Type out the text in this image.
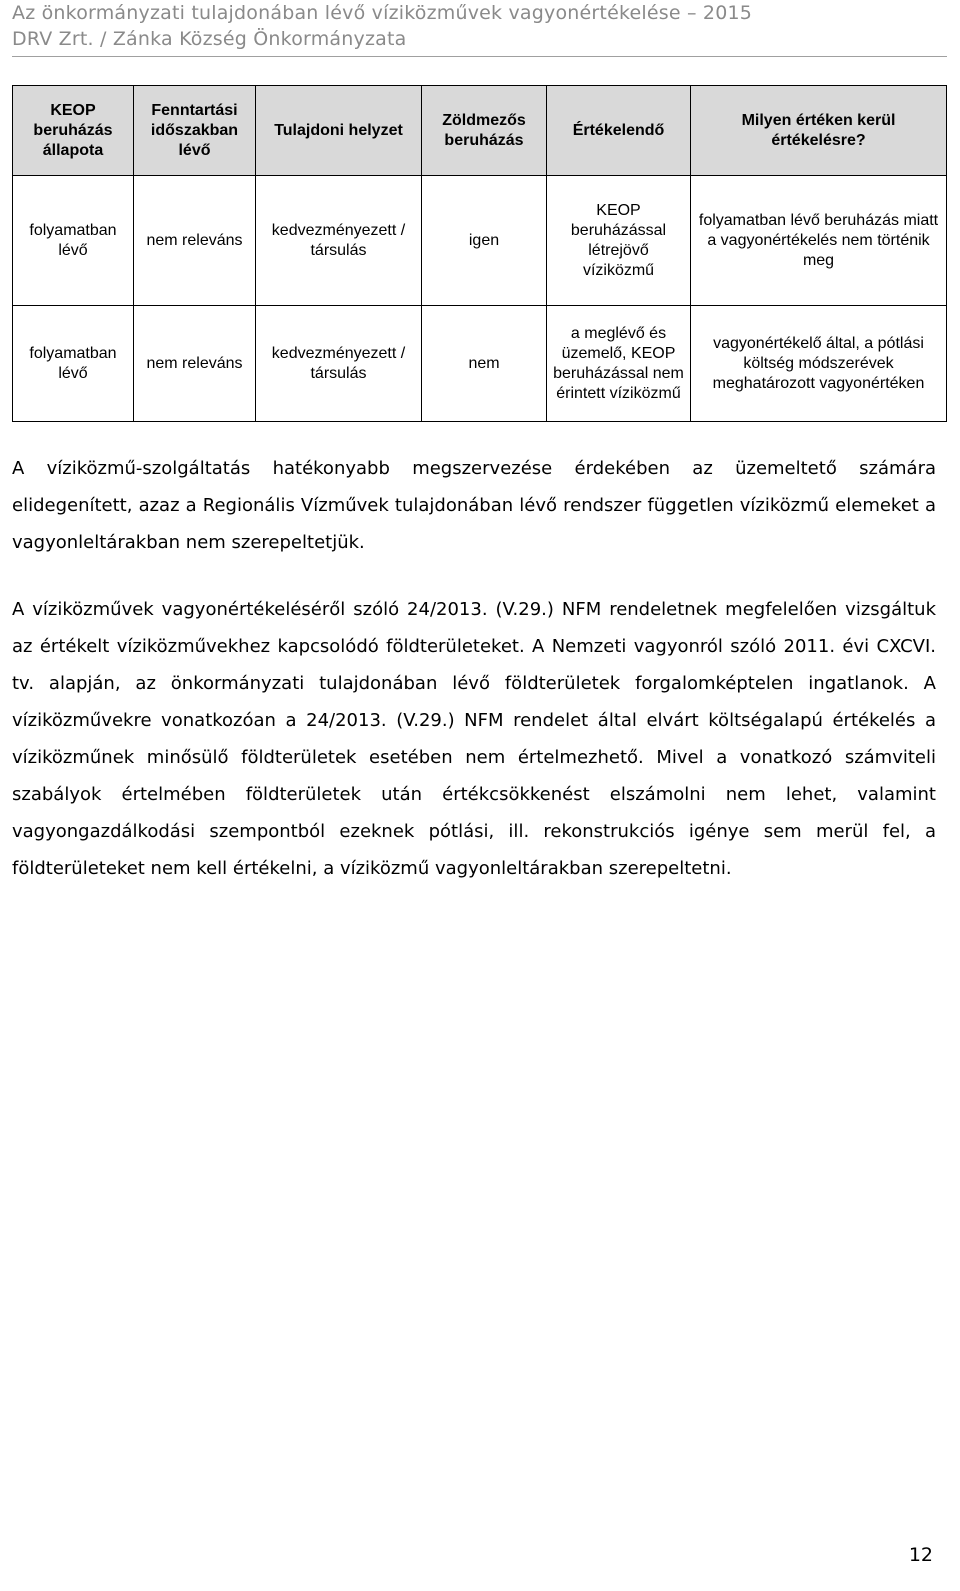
Az önkormányzati tulajdonában lévő víziközművek vagyonértékelése – 2015
DRV Zrt. / Zánka Község Önkormányzata
KEOP beruházás állapota	Fenntartási időszakban lévő	Tulajdoni helyzet	Zöldmezős beruházás	Értékelendő	Milyen értéken kerül értékelésre?
folyamatban lévő	nem releváns	kedvezményezett / társulás	igen	KEOP beruházással létrejövő víziközmű	folyamatban lévő beruházás miatt a vagyonértékelés nem történik meg
folyamatban lévő	nem releváns	kedvezményezett / társulás	nem	a meglévő és üzemelő, KEOP beruházással nem érintett víziközmű	vagyonértékelő által, a pótlási költség módszerévek meghatározott vagyonértéken

A víziközmű-szolgáltatás hatékonyabb megszervezése érdekében az üzemeltető számára elidegenített, azaz a Regionális Vízművek tulajdonában lévő rendszer független víziközmű elemeket a vagyonleltárakban nem szerepeltetjük.

A víziközművek vagyonértékeléséről szóló 24/2013. (V.29.) NFM rendeletnek megfelelően vizsgáltuk az értékelt víziközművekhez kapcsolódó földterületeket. A Nemzeti vagyonról szóló 2011. évi CXCVI. tv. alapján, az önkormányzati tulajdonában lévő földterületek forgalomképtelen ingatlanok. A víziközművekre vonatkozóan a 24/2013. (V.29.) NFM rendelet által elvárt költségalapú értékelés a víziközműnek minősülő földterületek esetében nem értelmezhető. Mivel a vonatkozó számviteli szabályok értelmében földterületek után értékcsökkenést elszámolni nem lehet, valamint vagyongazdálkodási szempontból ezeknek pótlási, ill. rekonstrukciós igénye sem merül fel, a földterületeket nem kell értékelni, a víziközmű vagyonleltárakban szerepeltetni.

12
